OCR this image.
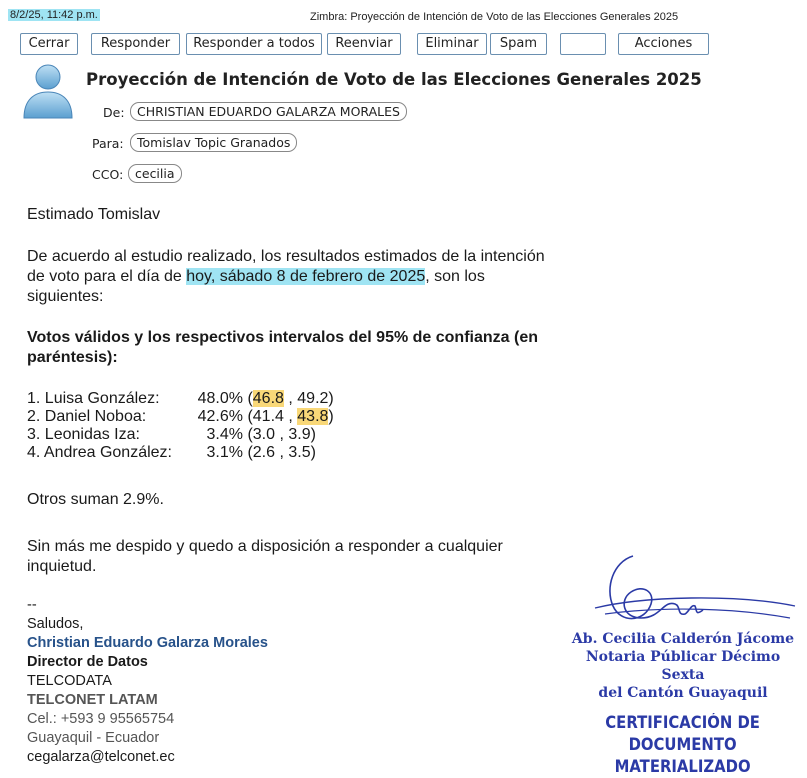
8/2/25, 11:42 p.m.	Zimbra: Proyección de Intención de Voto de las Elecciones Generales 2025
Cerrar	Responder	Responder a todos	Reenviar	Eliminar	Spam	Acciones
Proyección de Intención de Voto de las Elecciones Generales 2025
De: CHRISTIAN EDUARDO GALARZA MORALES
Para:	Tomislav Topic Granados
CCO: cecilia
Estimado Tomislav
De acuerdo al estudio realizado, los resultados estimados de la intención
de voto para el día de hoy, sábado 8 de febrero de 2025, son los
siguientes:
Votos válidos y los respectivos intervalos del 95% de confianza (en
paréntesis):
1. Luisa González: 48.0% (46.8 , 49.2)
2. Daniel Noboa:	42.6% (41.4 , 43.8)
3. Leonidas Iza:	3.4% (3.0 , 3.9)
4. Andrea González: 3.1% (2.6 , 3.5)
Otros suman 2.9%.
Sin más me despido y quedo a disposición a responder a cualquier
inquietud.
--
Saludos,
Christian Eduardo Galarza Morales
Director de Datos
TELCODATA
TELCONET LATAM
Cel.: +593 9 95565754
Guayaquil - Ecuador
cegalarza@telconet.ec
Ab. Cecilia Calderón Jácome
Notaria Públicar Décimo Sexta
del Cantón Guayaquil
CERTIFICACIÓN DE DOCUMENTO
MATERIALIZADO
